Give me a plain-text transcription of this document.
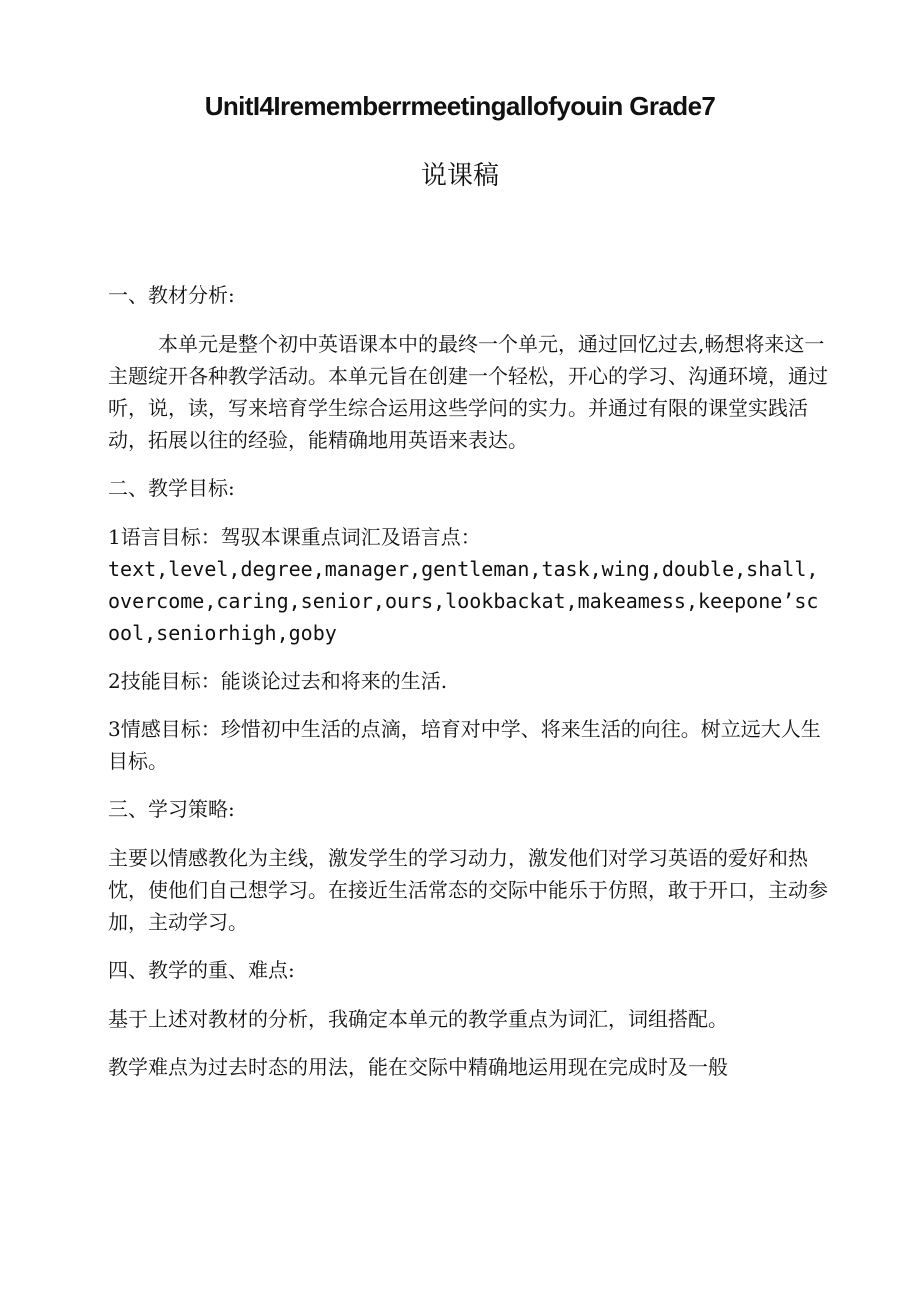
UnitI4Irememberrmeetingallofyouin Grade7
说课稿

一、教材分析:

本单元是整个初中英语课本中的最终一个单元，通过回忆过去,畅想将来这一主题绽开各种教学活动。本单元旨在创建一个轻松，开心的学习、沟通环境，通过听，说，读，写来培育学生综合运用这些学问的实力。并通过有限的课堂实践活动，拓展以往的经验，能精确地用英语来表达。

二、教学目标:

1语言目标：驾驭本课重点词汇及语言点：

text,level,degree,manager,gentleman,task,wing,double,shall,overcome,caring,senior,ours,lookbackat,makeamess,keepone’scool,seniorhigh,goby

2技能目标：能谈论过去和将来的生活.

3情感目标：珍惜初中生活的点滴，培育对中学、将来生活的向往。树立远大人生目标。

三、学习策略:

主要以情感教化为主线，激发学生的学习动力，激发他们对学习英语的爱好和热忱，使他们自己想学习。在接近生活常态的交际中能乐于仿照，敢于开口，主动参加，主动学习。

四、教学的重、难点:

基于上述对教材的分析，我确定本单元的教学重点为词汇，词组搭配。

教学难点为过去时态的用法，能在交际中精确地运用现在完成时及一般
